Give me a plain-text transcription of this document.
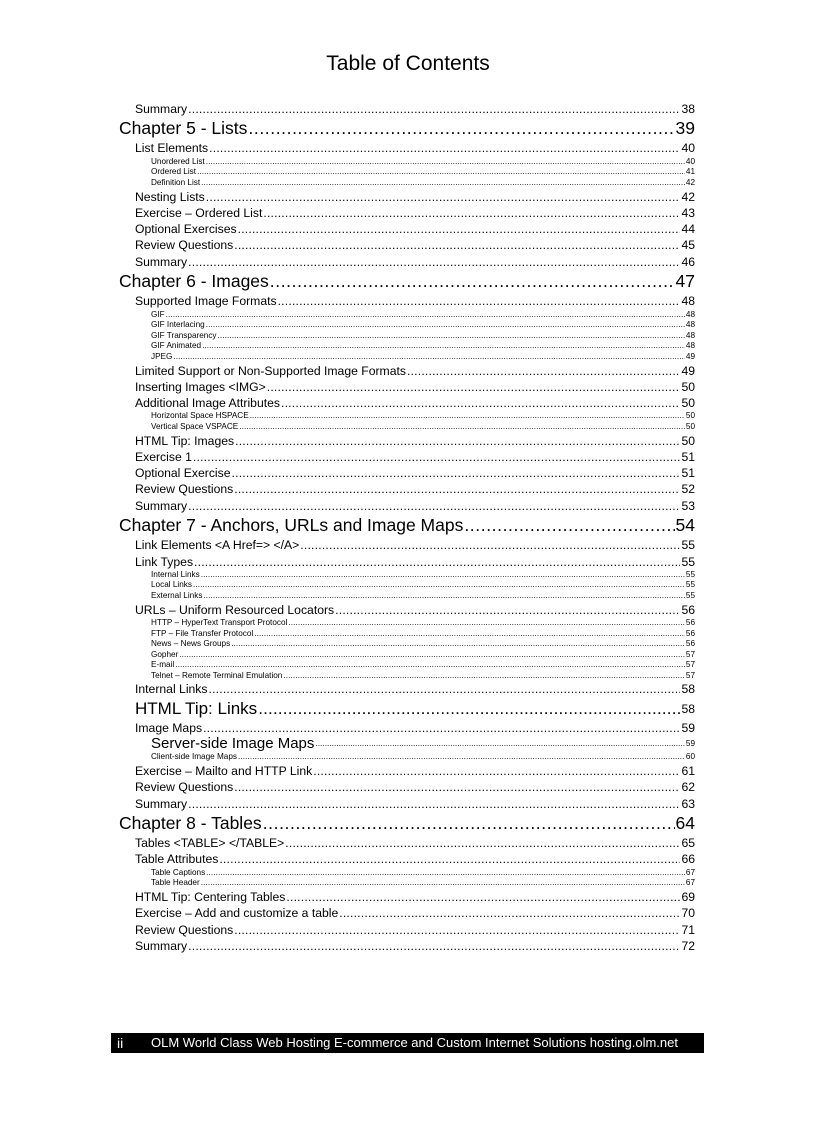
Table of Contents
Summary .....	38
Chapter 5 - Lists .....	39
List Elements .....	40
Unordered List .....	40
Ordered List .....	41
Definition List .....	42
Nesting Lists .....	42
Exercise – Ordered List .....	43
Optional Exercises .....	44
Review Questions .....	45
Summary .....	46
Chapter 6 - Images .....	47
Supported Image Formats .....	48
GIF .....	48
GIF Interlacing .....	48
GIF Transparency .....	48
GIF Animated .....	48
JPEG .....	49
Limited Support or Non-Supported Image Formats .....	49
Inserting Images <IMG> .....	50
Additional Image Attributes .....	50
Horizontal Space HSPACE .....	50
Vertical Space VSPACE .....	50
HTML Tip: Images .....	50
Exercise 1 .....	51
Optional Exercise .....	51
Review Questions .....	52
Summary .....	53
Chapter 7 - Anchors, URLs and Image Maps .....	54
Link Elements <A Href=> </A> .....	55
Link Types .....	55
Internal Links .....	55
Local Links .....	55
External Links .....	55
URLs – Uniform Resourced Locators .....	56
HTTP – HyperText Transport Protocol .....	56
FTP – File Transfer Protocol .....	56
News – News Groups .....	56
Gopher .....	57
E-mail .....	57
Telnet – Remote Terminal Emulation .....	57
Internal Links .....	58
HTML Tip: Links .....	58
Image Maps .....	59
Server-side Image Maps .....	59
Client-side Image Maps .....	60
Exercise – Mailto and HTTP Link .....	61
Review Questions .....	62
Summary .....	63
Chapter 8 - Tables .....	64
Tables <TABLE> </TABLE> .....	65
Table Attributes .....	66
Table Captions .....	67
Table Header .....	67
HTML Tip: Centering Tables .....	69
Exercise – Add and customize a table .....	70
Review Questions .....	71
Summary .....	72
ii OLM World Class Web Hosting E-commerce and Custom Internet Solutions hosting.olm.net
